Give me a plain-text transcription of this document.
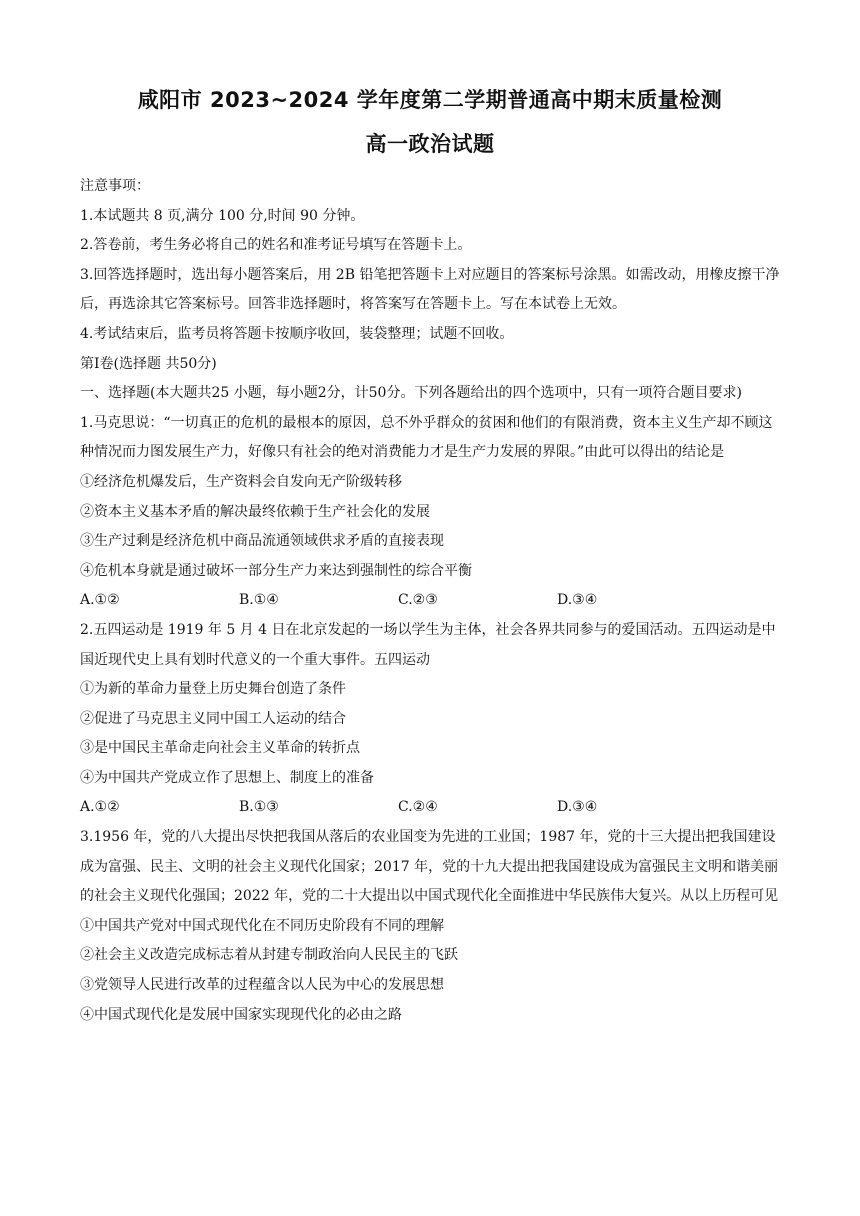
咸阳市 2023~2024 学年度第二学期普通高中期末质量检测
高一政治试题

注意事项：

1.本试题共 8 页,满分 100 分,时间 90 分钟。

2.答卷前，考生务必将自己的姓名和准考证号填写在答题卡上。

3.回答选择题时，选出每小题答案后，用 2B 铅笔把答题卡上对应题目的答案标号涂黑。如需改动，用橡皮擦干净后，再选涂其它答案标号。回答非选择题时，将答案写在答题卡上。写在本试卷上无效。

4.考试结束后，监考员将答题卡按顺序收回，装袋整理；试题不回收。

第Ⅰ卷(选择题 共50分)

一、选择题(本大题共25 小题，每小题2分，计50分。下列各题给出的四个选项中，只有一项符合题目要求)

1.马克思说：“一切真正的危机的最根本的原因，总不外乎群众的贫困和他们的有限消费，资本主义生产却不顾这种情况而力图发展生产力，好像只有社会的绝对消费能力才是生产力发展的界限。”由此可以得出的结论是

①经济危机爆发后，生产资料会自发向无产阶级转移

②资本主义基本矛盾的解决最终依赖于生产社会化的发展

③生产过剩是经济危机中商品流通领域供求矛盾的直接表现

④危机本身就是通过破坏一部分生产力来达到强制性的综合平衡

A.①②	B.①④	C.②③	D.③④

2.五四运动是 1919 年 5 月 4 日在北京发起的一场以学生为主体，社会各界共同参与的爱国活动。五四运动是中国近现代史上具有划时代意义的一个重大事件。五四运动

①为新的革命力量登上历史舞台创造了条件

②促进了马克思主义同中国工人运动的结合

③是中国民主革命走向社会主义革命的转折点

④为中国共产党成立作了思想上、制度上的准备

A.①②	B.①③	C.②④	D.③④

3.1956 年，党的八大提出尽快把我国从落后的农业国变为先进的工业国；1987 年，党的十三大提出把我国建设成为富强、民主、文明的社会主义现代化国家；2017 年，党的十九大提出把我国建设成为富强民主文明和谐美丽的社会主义现代化强国；2022 年，党的二十大提出以中国式现代化全面推进中华民族伟大复兴。从以上历程可见

①中国共产党对中国式现代化在不同历史阶段有不同的理解

②社会主义改造完成标志着从封建专制政治向人民民主的飞跃

③党领导人民进行改革的过程蕴含以人民为中心的发展思想

④中国式现代化是发展中国家实现现代化的必由之路
